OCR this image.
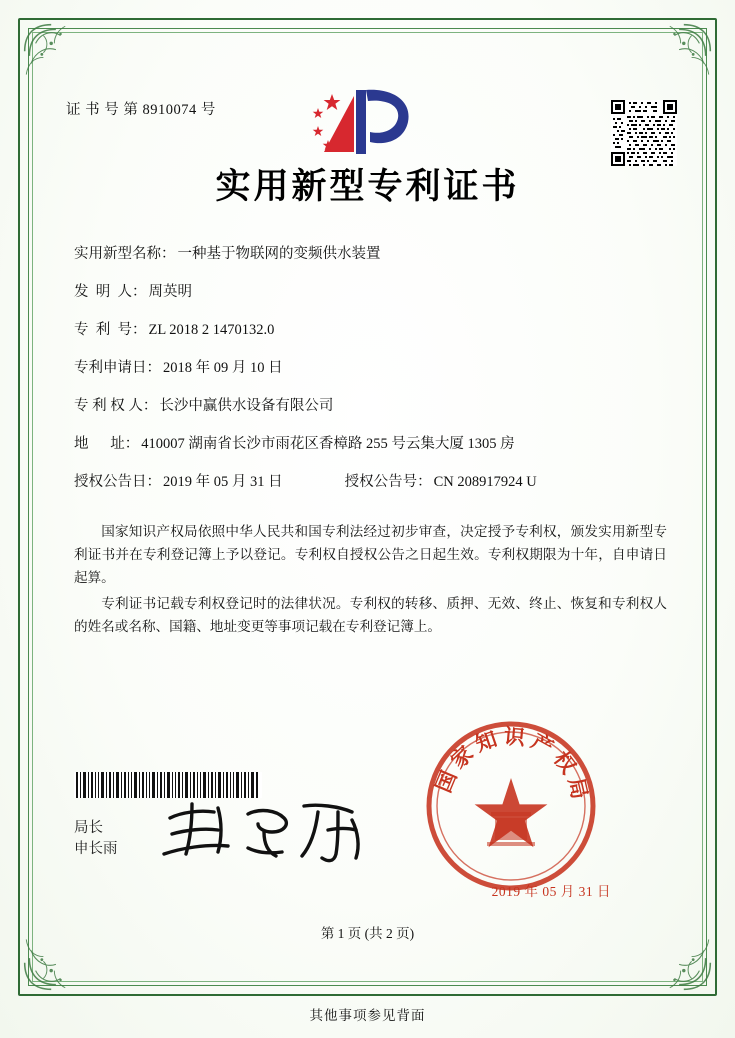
证 书 号 第 8910074 号
实用新型专利证书
实用新型名称： 一种基于物联网的变频供水装置
发  明  人： 周英明
专  利  号： ZL 2018 2 1470132.0
专利申请日： 2018 年 09 月 10 日
专 利 权 人： 长沙中赢供水设备有限公司
地      址： 410007 湖南省长沙市雨花区香樟路 255 号云集大厦 1305 房
授权公告日： 2019 年 05 月 31 日	授权公告号： CN 208917924 U
国家知识产权局依照中华人民共和国专利法经过初步审查，决定授予专利权，颁发实用新型专利证书并在专利登记簿上予以登记。专利权自授权公告之日起生效。专利权期限为十年，自申请日起算。
专利证书记载专利权登记时的法律状况。专利权的转移、质押、无效、终止、恢复和专利权人的姓名或名称、国籍、地址变更等事项记载在专利登记簿上。
局长
申长雨
国家知识产权局
2019 年 05 月 31 日
第 1 页 (共 2 页)
其他事项参见背面
